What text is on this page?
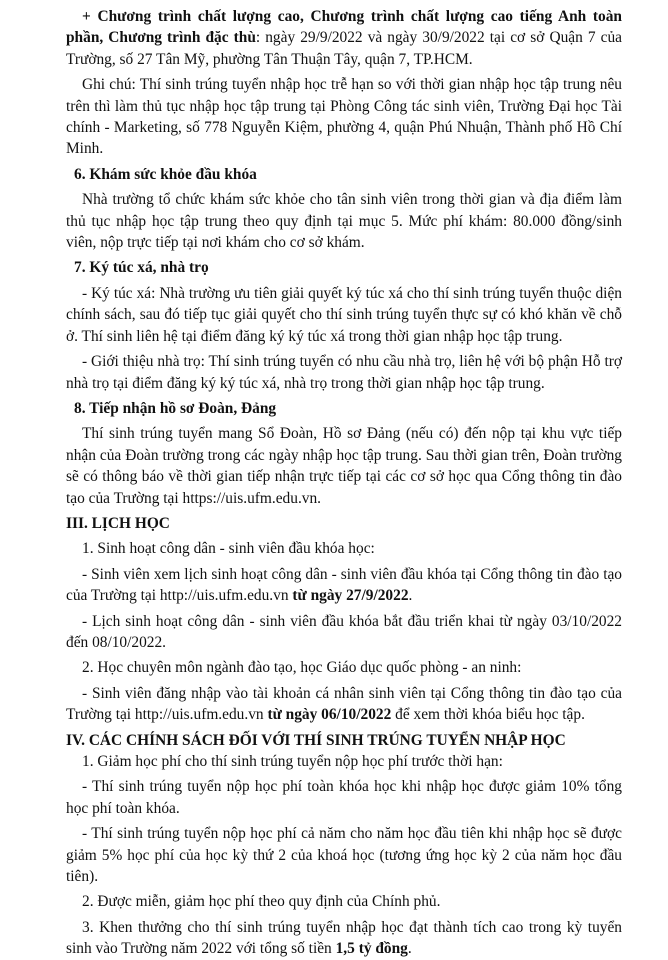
+ Chương trình chất lượng cao, Chương trình chất lượng cao tiếng Anh toàn phần, Chương trình đặc thù: ngày 29/9/2022 và ngày 30/9/2022 tại cơ sở Quận 7 của Trường, số 27 Tân Mỹ, phường Tân Thuận Tây, quận 7, TP.HCM.

Ghi chú: Thí sinh trúng tuyển nhập học trễ hạn so với thời gian nhập học tập trung nêu trên thì làm thủ tục nhập học tập trung tại Phòng Công tác sinh viên, Trường Đại học Tài chính - Marketing, số 778 Nguyễn Kiệm, phường 4, quận Phú Nhuận, Thành phố Hồ Chí Minh.

6. Khám sức khỏe đầu khóa

Nhà trường tổ chức khám sức khỏe cho tân sinh viên trong thời gian và địa điểm làm thủ tục nhập học tập trung theo quy định tại mục 5. Mức phí khám: 80.000 đồng/sinh viên, nộp trực tiếp tại nơi khám cho cơ sở khám.

7. Ký túc xá, nhà trọ

- Ký túc xá: Nhà trường ưu tiên giải quyết ký túc xá cho thí sinh trúng tuyển thuộc diện chính sách, sau đó tiếp tục giải quyết cho thí sinh trúng tuyển thực sự có khó khăn về chỗ ở. Thí sinh liên hệ tại điểm đăng ký ký túc xá trong thời gian nhập học tập trung.

- Giới thiệu nhà trọ: Thí sinh trúng tuyển có nhu cầu nhà trọ, liên hệ với bộ phận Hỗ trợ nhà trọ tại điểm đăng ký ký túc xá, nhà trọ trong thời gian nhập học tập trung.

8. Tiếp nhận hồ sơ Đoàn, Đảng

Thí sinh trúng tuyển mang Sổ Đoàn, Hồ sơ Đảng (nếu có) đến nộp tại khu vực tiếp nhận của Đoàn trường trong các ngày nhập học tập trung. Sau thời gian trên, Đoàn trường sẽ có thông báo về thời gian tiếp nhận trực tiếp tại các cơ sở học qua Cổng thông tin đào tạo của Trường tại https://uis.ufm.edu.vn.

III. LỊCH HỌC

1. Sinh hoạt công dân - sinh viên đầu khóa học:

- Sinh viên xem lịch sinh hoạt công dân - sinh viên đầu khóa tại Cổng thông tin đào tạo của Trường tại http://uis.ufm.edu.vn từ ngày 27/9/2022.

- Lịch sinh hoạt công dân - sinh viên đầu khóa bắt đầu triển khai từ ngày 03/10/2022 đến 08/10/2022.

2. Học chuyên môn ngành đào tạo, học Giáo dục quốc phòng - an ninh:

- Sinh viên đăng nhập vào tài khoản cá nhân sinh viên tại Cổng thông tin đào tạo của Trường tại http://uis.ufm.edu.vn từ ngày 06/10/2022 để xem thời khóa biểu học tập.

IV. CÁC CHÍNH SÁCH ĐỐI VỚI THÍ SINH TRÚNG TUYỂN NHẬP HỌC

1. Giảm học phí cho thí sinh trúng tuyển nộp học phí trước thời hạn:

- Thí sinh trúng tuyển nộp học phí toàn khóa học khi nhập học được giảm 10% tổng học phí toàn khóa.

- Thí sinh trúng tuyển nộp học phí cả năm cho năm học đầu tiên khi nhập học sẽ được giảm 5% học phí của học kỳ thứ 2 của khoá học (tương ứng học kỳ 2 của năm học đầu tiên).

2. Được miễn, giảm học phí theo quy định của Chính phủ.

3. Khen thưởng cho thí sinh trúng tuyển nhập học đạt thành tích cao trong kỳ tuyển sinh vào Trường năm 2022 với tổng số tiền 1,5 tỷ đồng.
